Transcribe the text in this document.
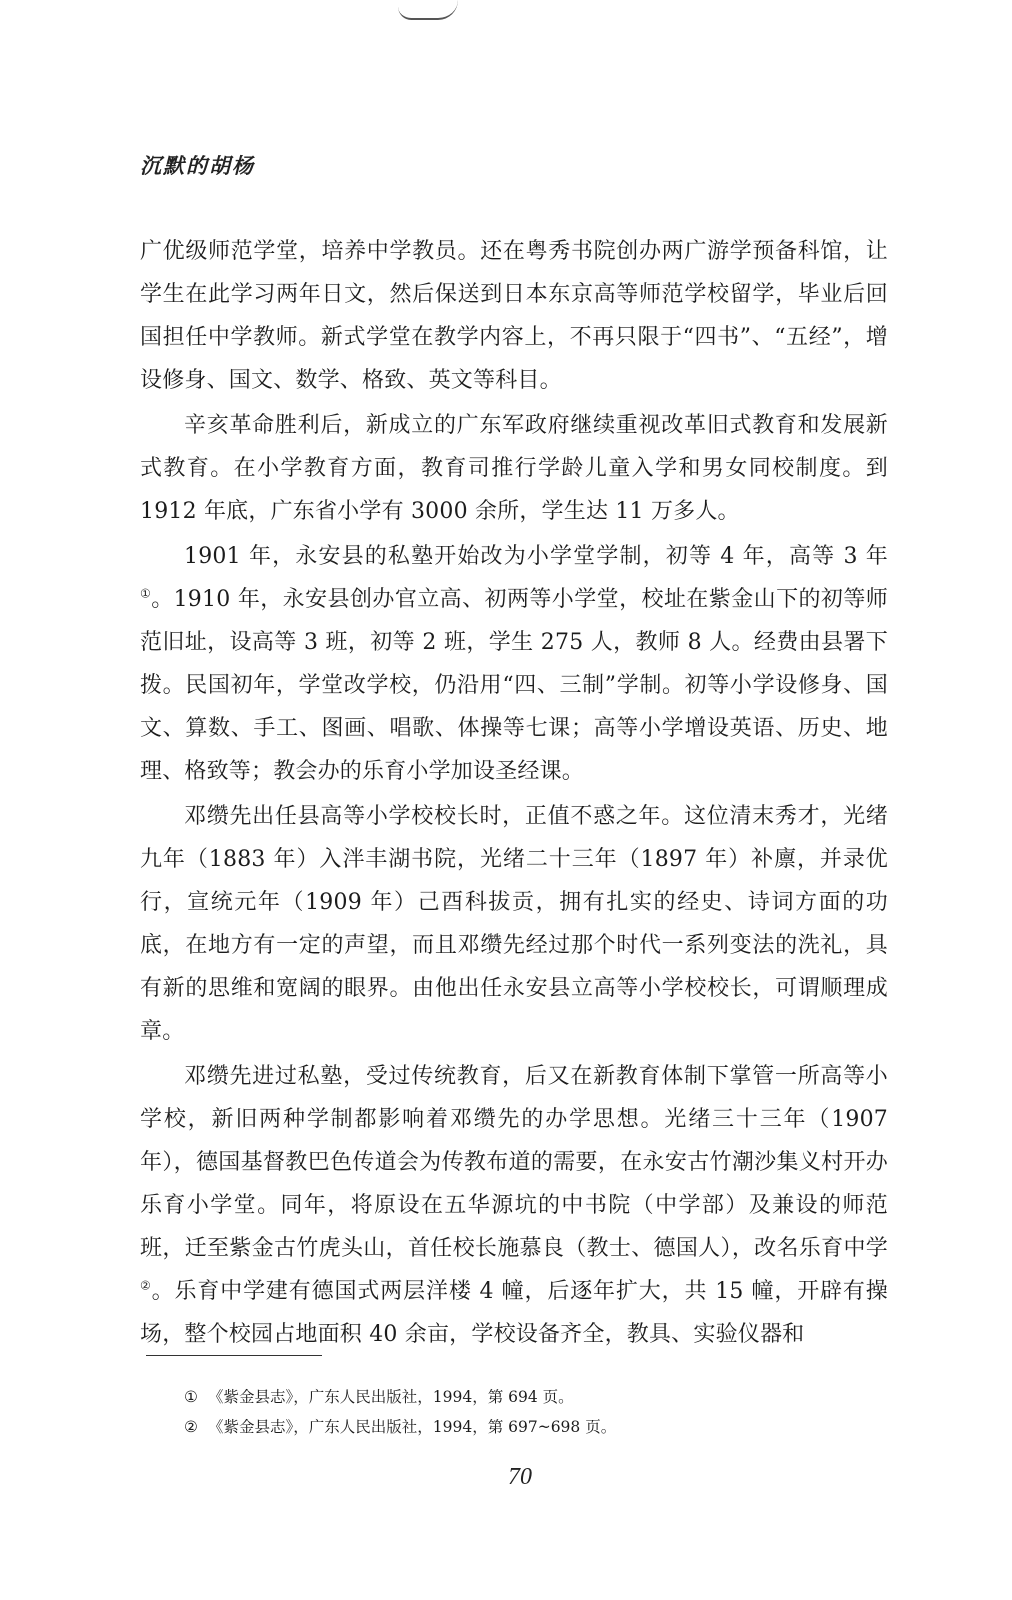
沉默的胡杨

广优级师范学堂，培养中学教员。还在粤秀书院创办两广游学预备科馆，让学生在此学习两年日文，然后保送到日本东京高等师范学校留学，毕业后回国担任中学教师。新式学堂在教学内容上，不再只限于“四书”、“五经”，增设修身、国文、数学、格致、英文等科目。

辛亥革命胜利后，新成立的广东军政府继续重视改革旧式教育和发展新式教育。在小学教育方面，教育司推行学龄儿童入学和男女同校制度。到 1912 年底，广东省小学有 3000 余所，学生达 11 万多人。

1901 年，永安县的私塾开始改为小学堂学制，初等 4 年，高等 3 年①。1910 年，永安县创办官立高、初两等小学堂，校址在紫金山下的初等师范旧址，设高等 3 班，初等 2 班，学生 275 人，教师 8 人。经费由县署下拨。民国初年，学堂改学校，仍沿用“四、三制”学制。初等小学设修身、国文、算数、手工、图画、唱歌、体操等七课；高等小学增设英语、历史、地理、格致等；教会办的乐育小学加设圣经课。

邓缵先出任县高等小学校校长时，正值不惑之年。这位清末秀才，光绪九年（1883 年）入泮丰湖书院，光绪二十三年（1897 年）补廪，并录优行，宣统元年（1909 年）己酉科拔贡，拥有扎实的经史、诗词方面的功底，在地方有一定的声望，而且邓缵先经过那个时代一系列变法的洗礼，具有新的思维和宽阔的眼界。由他出任永安县立高等小学校校长，可谓顺理成章。

邓缵先进过私塾，受过传统教育，后又在新教育体制下掌管一所高等小学校，新旧两种学制都影响着邓缵先的办学思想。光绪三十三年（1907 年），德国基督教巴色传道会为传教布道的需要，在永安古竹潮沙集义村开办乐育小学堂。同年，将原设在五华源坑的中书院（中学部）及兼设的师范班，迁至紫金古竹虎头山，首任校长施慕良（教士、德国人），改名乐育中学②。乐育中学建有德国式两层洋楼 4 幢，后逐年扩大，共 15 幢，开辟有操场，整个校园占地面积 40 余亩，学校设备齐全，教具、实验仪器和

① 《紫金县志》，广东人民出版社，1994，第 694 页。
② 《紫金县志》，广东人民出版社，1994，第 697~698 页。
70
